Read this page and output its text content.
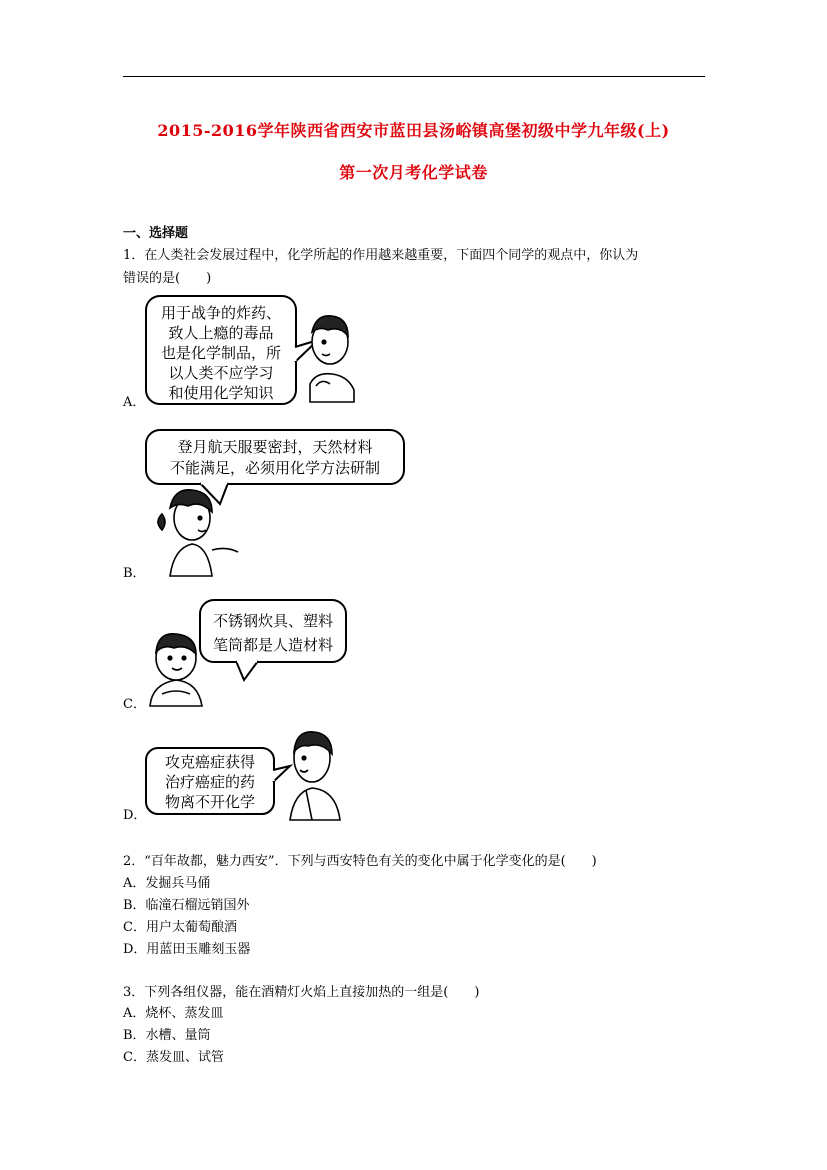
2015-2016学年陕西省西安市蓝田县汤峪镇高堡初级中学九年级(上)
第一次月考化学试卷
一、选择题
1．在人类社会发展过程中，化学所起的作用越来越重要，下面四个同学的观点中，你认为
错误的是(　　)
用于战争的炸药、
致人上瘾的毒品
也是化学制品，所
以人类不应学习
和使用化学知识
A．
登月航天服要密封，天然材料
不能满足，必须用化学方法研制
B．
不锈钢炊具、塑料
笔筒都是人造材料
C．
攻克癌症获得
治疗癌症的药
物离不开化学
D．
2．“百年故都，魅力西安”．下列与西安特色有关的变化中属于化学变化的是(　　)
A．发掘兵马俑
B．临潼石榴远销国外
C．用户太葡萄酿酒
D．用蓝田玉雕刻玉器
3．下列各组仪器，能在酒精灯火焰上直接加热的一组是(　　)
A．烧杯、蒸发皿
B．水槽、量筒
C．蒸发皿、试管
